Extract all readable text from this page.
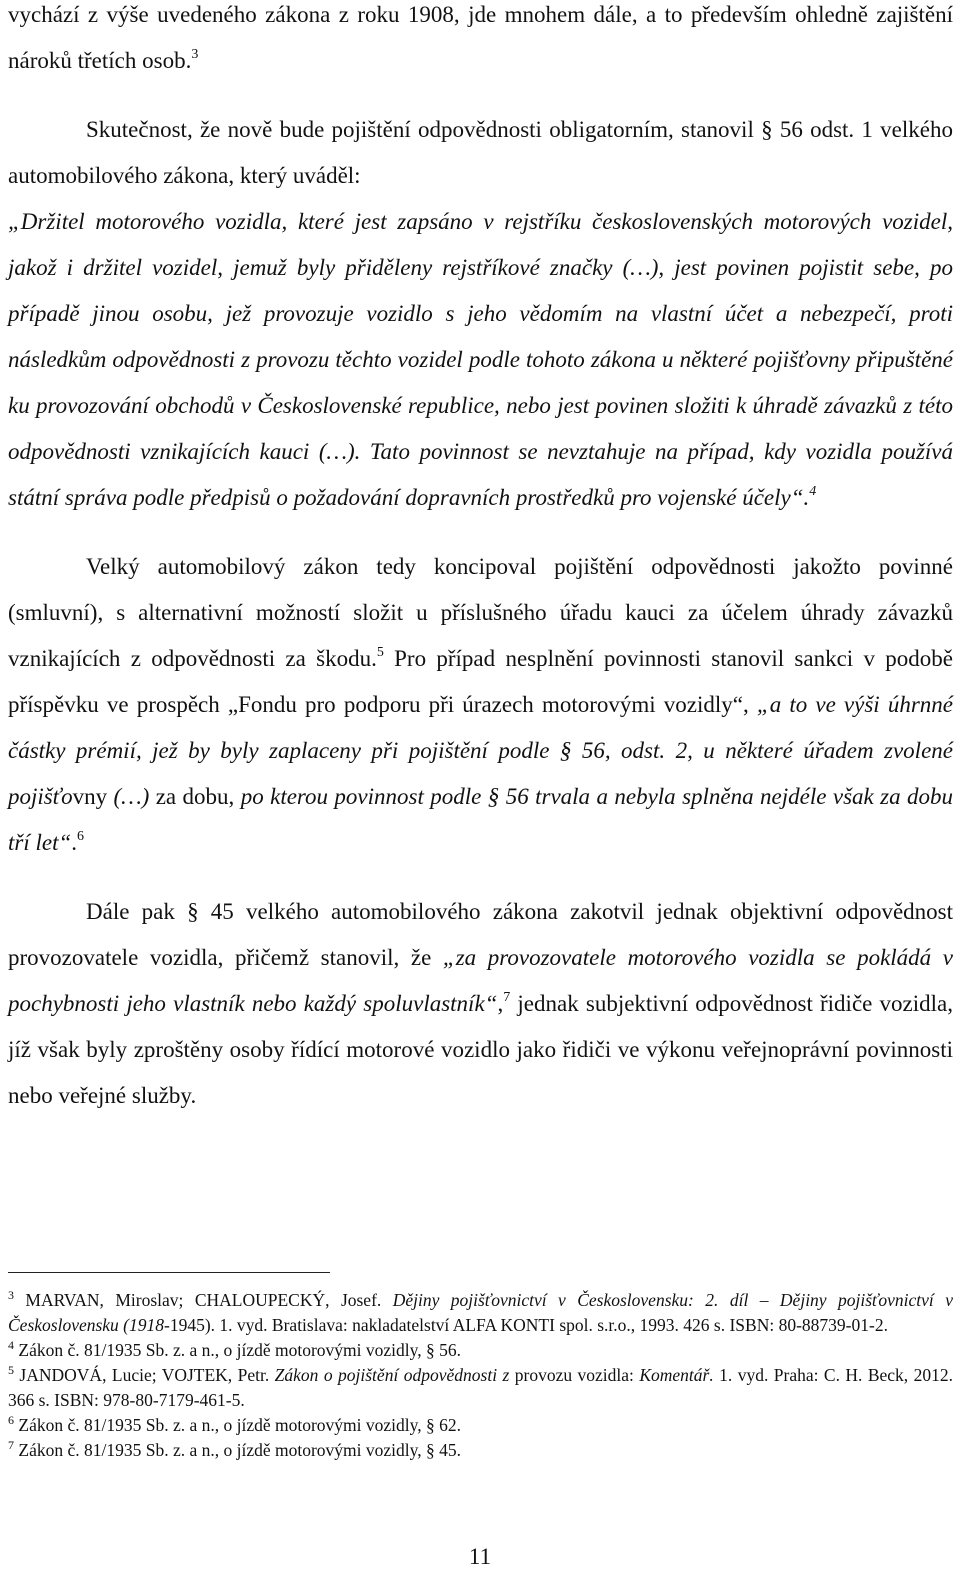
vychází z výše uvedeného zákona z roku 1908, jde mnohem dále, a to především ohledně zajištění nároků třetích osob.$^3$

Skutečnost, že nově bude pojištění odpovědnosti obligatorním, stanovil § 56 odst. 1 velkého automobilového zákona, který uváděl:

„Držitel motorového vozidla, které jest zapsáno v rejstříku československých motorových vozidel, jakož i držitel vozidel, jemuž byly přiděleny rejstříkové značky (…), jest povinen pojistit sebe, po případě jinou osobu, jež provozuje vozidlo s jeho vědomím na vlastní účet a nebezpečí, proti následkům odpovědnosti z provozu těchto vozidel podle tohoto zákona u některé pojišťovny připuštěné ku provozování obchodů v Československé republice, nebo jest povinen složiti k úhradě závazků z této odpovědnosti vznikajících kauci (…). Tato povinnost se nevztahuje na případ, kdy vozidla používá státní správa podle předpisů o požadování dopravních prostředků pro vojenské účely“.$^4$

Velký automobilový zákon tedy koncipoval pojištění odpovědnosti jakožto povinné (smluvní), s alternativní možností složit u příslušného úřadu kauci za účelem úhrady závazků vznikajících z odpovědnosti za škodu.$^5$ Pro případ nesplnění povinnosti stanovil sankci v podobě příspěvku ve prospěch „Fondu pro podporu při úrazech motorovými vozidly“, „a to ve výši úhrnné částky prémií, jež by byly zaplaceny při pojištění podle § 56, odst. 2, u některé úřadem zvolené pojišťovny (…) za dobu, po kterou povinnost podle § 56 trvala a nebyla splněna nejdéle však za dobu tří let“.$^6$

Dále pak § 45 velkého automobilového zákona zakotvil jednak objektivní odpovědnost provozovatele vozidla, přičemž stanovil, že „za provozovatele motorového vozidla se pokládá v pochybnosti jeho vlastník nebo každý spoluvlastník“,$^7$ jednak subjektivní odpovědnost řidiče vozidla, jíž však byly zproštěny osoby řídící motorové vozidlo jako řidiči ve výkonu veřejnoprávní povinnosti nebo veřejné služby.

$^3$ MARVAN, Miroslav; CHALOUPECKÝ, Josef. Dějiny pojišťovnictví v Československu: 2. díl – Dějiny pojišťovnictví v Československu (1918-1945). 1. vyd. Bratislava: nakladatelství ALFA KONTI spol. s.r.o., 1993. 426 s. ISBN: 80-88739-01-2.

$^4$ Zákon č. 81/1935 Sb. z. a n., o jízdě motorovými vozidly, § 56.

$^5$ JANDOVÁ, Lucie; VOJTEK, Petr. Zákon o pojištění odpovědnosti z provozu vozidla: Komentář. 1. vyd. Praha: C. H. Beck, 2012. 366 s. ISBN: 978-80-7179-461-5.

$^6$ Zákon č. 81/1935 Sb. z. a n., o jízdě motorovými vozidly, § 62.

$^7$ Zákon č. 81/1935 Sb. z. a n., o jízdě motorovými vozidly, § 45.

11
